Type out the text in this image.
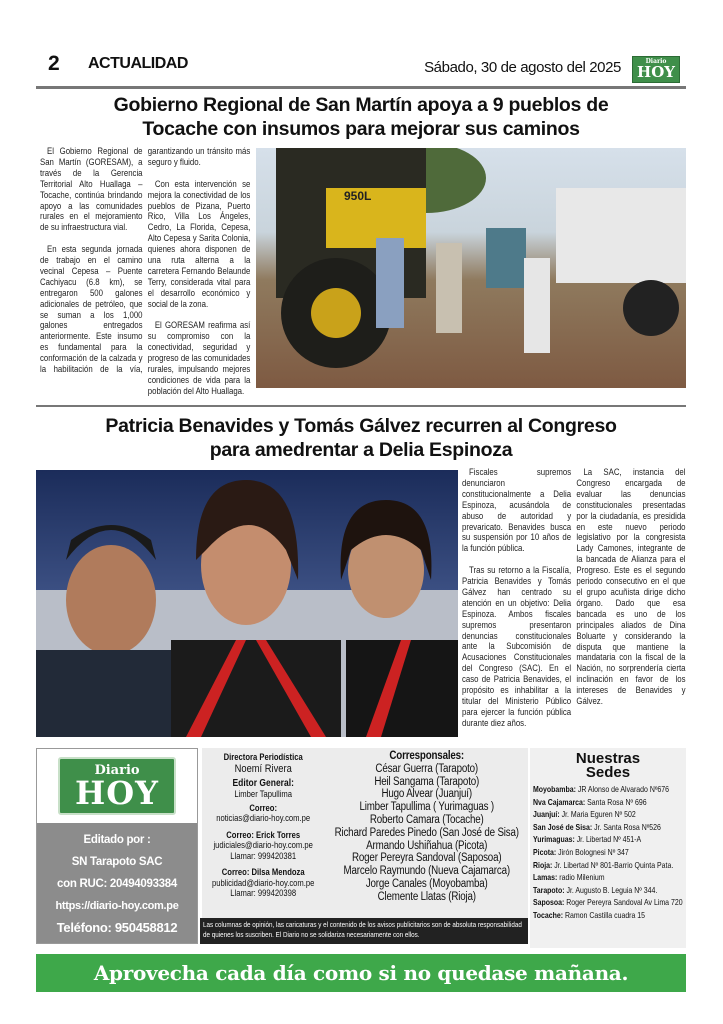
2 ACTUALIDAD	Sábado, 30 de agosto del 2025	Diario
HOY
Gobierno Regional de San Martín apoya a 9 pueblos de
Tocache con insumos para mejorar sus caminos

El Gobierno Regional de San Martín (GORESAM), a través de la Gerencia Territorial Alto Huallaga – Tocache, continúa brindando apoyo a las comunidades rurales en el mejoramiento de su infraestructura vial.

En esta segunda jornada de trabajo en el camino vecinal Cepesa – Puente Cachiyacu (6.8 km), se entregaron 500 galones adicionales de petróleo, que se suman a los 1,000 galones entregados anteriormente. Este insumo es fundamental para la conformación de la calzada y la habilitación de la vía, garantizando un tránsito más seguro y fluido.

Con esta intervención se mejora la conectividad de los pueblos de Pizana, Puerto Rico, Villa Los Ángeles, Cedro, La Florida, Cepesa, Alto Cepesa y Sarita Colonia, quienes ahora disponen de una ruta alterna a la carretera Fernando Belaunde Terry, considerada vital para el desarrollo económico y social de la zona.

El GORESAM reafirma así su compromiso con la conectividad, seguridad y progreso de las comunidades rurales, impulsando mejores condiciones de vida para la población del Alto Huallaga.

950L
Patricia Benavides y Tomás Gálvez recurren al Congreso
para amedrentar a Delia Espinoza

Fiscales supremos denunciaron constitucionalmente a Delia Espinoza, acusándola de abuso de autoridad y prevaricato. Benavides busca su suspensión por 10 años de la función pública.

Tras su retorno a la Fiscalía, Patricia Benavides y Tomás Gálvez han centrado su atención en un objetivo: Delia Espinoza. Ambos fiscales supremos presentaron denuncias constitucionales ante la Subcomisión de Acusaciones Constitucionales del Congreso (SAC). En el caso de Patricia Benavides, el propósito es inhabilitar a la titular del Ministerio Público para ejercer la función pública durante diez años.

La SAC, instancia del Congreso encargada de evaluar las denuncias constitucionales presentadas por la ciudadanía, es presidida en este nuevo periodo legislativo por la congresista Lady Camones, integrante de la bancada de Alianza para el Progreso. Este es el segundo periodo consecutivo en el que el grupo acuñista dirige dicho órgano. Dado que esa bancada es uno de los principales aliados de Dina Boluarte y considerando la disputa que mantiene la mandataria con la fiscal de la Nación, no sorprendería cierta inclinación en favor de los intereses de Benavides y Gálvez.

Diario
HOY
Editado por :
SN Tarapoto SAC
con RUC: 20494093384
https://diario-hoy.com.pe
Teléfono: 950458812
Directora Periodística
Noemí Rivera
Editor General:
Limber Tapullima
Correo:
noticias@diario-hoy.com.pe
Correo: Erick Torres
judiciales@diario-hoy.com.pe
Llamar: 999420381
Correo: Dilsa Mendoza
publicidad@diario-hoy.com.pe
Llamar: 999420398
Corresponsales:
César Guerra (Tarapoto)
Heil Sangama (Tarapoto)
Hugo Alvear (Juanjuí)
Limber Tapullima ( Yurimaguas )
Roberto Camara (Tocache)
Richard Paredes Pinedo (San José de Sisa)
Armando Ushiñahua (Picota)
Roger Pereyra Sandoval (Saposoa)
Marcelo Raymundo (Nueva Cajamarca)
Jorge Canales (Moyobamba)
Clemente Llatas (Rioja)
Las columnas de opinión, las caricaturas y el contenido de los avisos publicitarios son de absoluta responsabilidad de quienes los suscriben. El Diario no se solidariza necesariamente con ellos.
Nuestras
Sedes
Moyobamba: JR Alonso de Alvarado Nº676
Nva Cajamarca: Santa Rosa Nº 696
Juanjuí: Jr. Maria Eguren Nº 502
San José de Sisa: Jr. Santa Rosa Nº526
Yurimaguas: Jr. Libertad Nº 451-A
Picota: Jirón Bolognesi Nº 347
Rioja: Jr. Libertad Nº 801-Barrio Quinta Pata.
Lamas: radio Milenium
Tarapoto: Jr. Augusto B. Leguia Nº 344.
Saposoa: Roger Pereyra Sandoval Av Lima 720
Tocache: Ramon Castilla cuadra 15
Aprovecha cada día como si no quedase mañana.
